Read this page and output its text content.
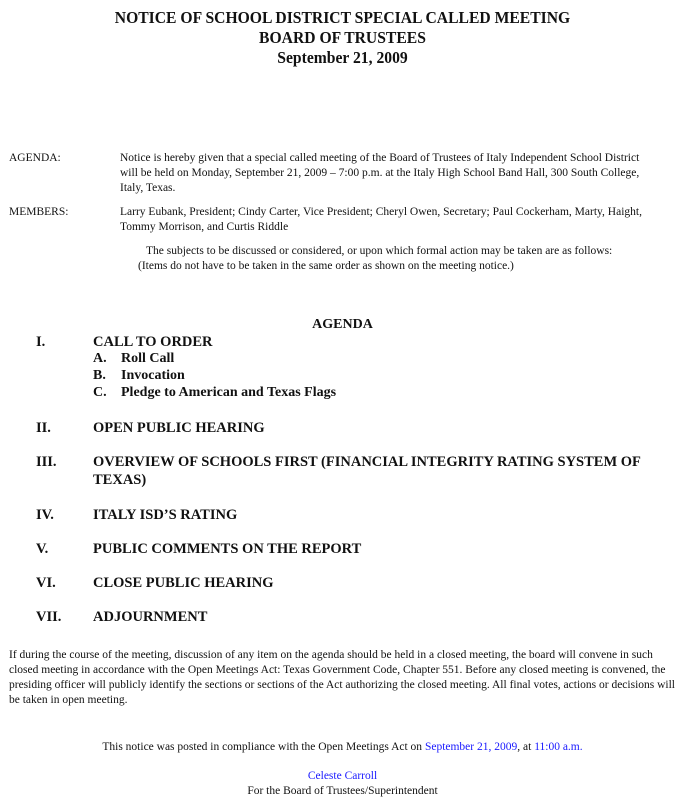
NOTICE OF SCHOOL DISTRICT SPECIAL CALLED MEETING
BOARD OF TRUSTEES
September 21, 2009
AGENDA:	Notice is hereby given that a special called meeting of the Board of Trustees of Italy Independent School District will be held on Monday, September 21, 2009 – 7:00 p.m. at the Italy High School Band Hall, 300 South College, Italy, Texas.
MEMBERS:	Larry Eubank, President; Cindy Carter, Vice President; Cheryl Owen, Secretary; Paul Cockerham, Marty, Haight, Tommy Morrison, and Curtis Riddle
The subjects to be discussed or considered, or upon which formal action may be taken are as follows:
(Items do not have to be taken in the same order as shown on the meeting notice.)
AGENDA
I.	CALL TO ORDER
A.	Roll Call
B.	Invocation
C.	Pledge to American and Texas Flags
II.	OPEN PUBLIC HEARING
III.	OVERVIEW OF SCHOOLS FIRST (FINANCIAL INTEGRITY RATING SYSTEM OF TEXAS)
IV.	ITALY ISD’S RATING
V.	PUBLIC COMMENTS ON THE REPORT
VI.	CLOSE PUBLIC HEARING
VII.	ADJOURNMENT
If during the course of the meeting, discussion of any item on the agenda should be held in a closed meeting, the board will convene in such closed meeting in accordance with the Open Meetings Act: Texas Government Code, Chapter 551. Before any closed meeting is convened, the presiding officer will publicly identify the sections or sections of the Act authorizing the closed meeting. All final votes, actions or decisions will be taken in open meeting.
This notice was posted in compliance with the Open Meetings Act on September 21, 2009, at 11:00 a.m.
Celeste Carroll
For the Board of Trustees/Superintendent
